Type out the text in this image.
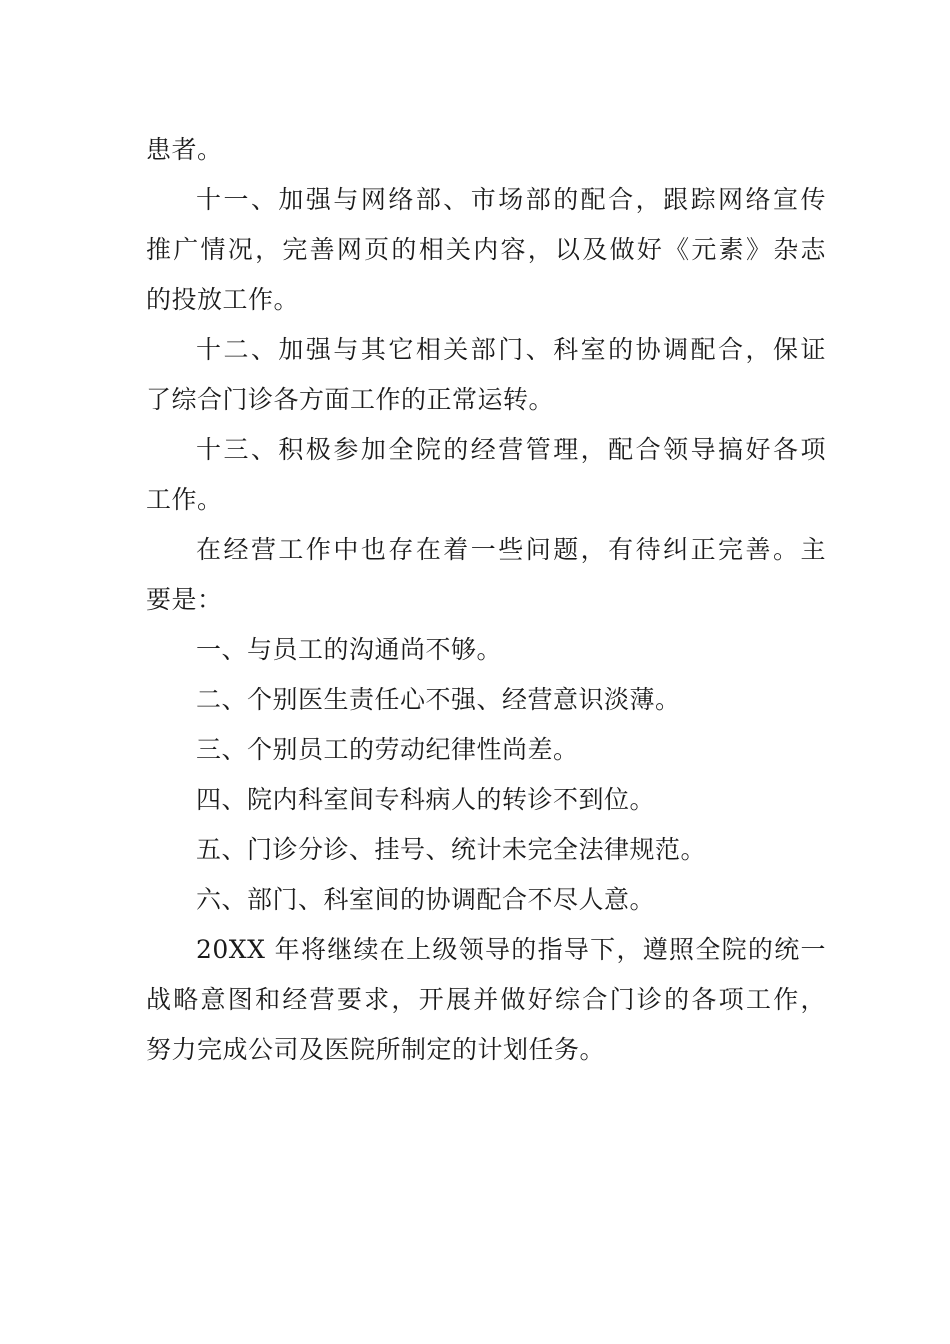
患者。
十一、加强与网络部、市场部的配合，跟踪网络宣传
推广情况，完善网页的相关内容，以及做好《元素》杂志
的投放工作。
十二、加强与其它相关部门、科室的协调配合，保证
了综合门诊各方面工作的正常运转。
十三、积极参加全院的经营管理，配合领导搞好各项
工作。
在经营工作中也存在着一些问题，有待纠正完善。主
要是：
一、与员工的沟通尚不够。
二、个别医生责任心不强、经营意识淡薄。
三、个别员工的劳动纪律性尚差。
四、院内科室间专科病人的转诊不到位。
五、门诊分诊、挂号、统计未完全法律规范。
六、部门、科室间的协调配合不尽人意。
20XX 年将继续在上级领导的指导下，遵照全院的统一
战略意图和经营要求，开展并做好综合门诊的各项工作，
努力完成公司及医院所制定的计划任务。
